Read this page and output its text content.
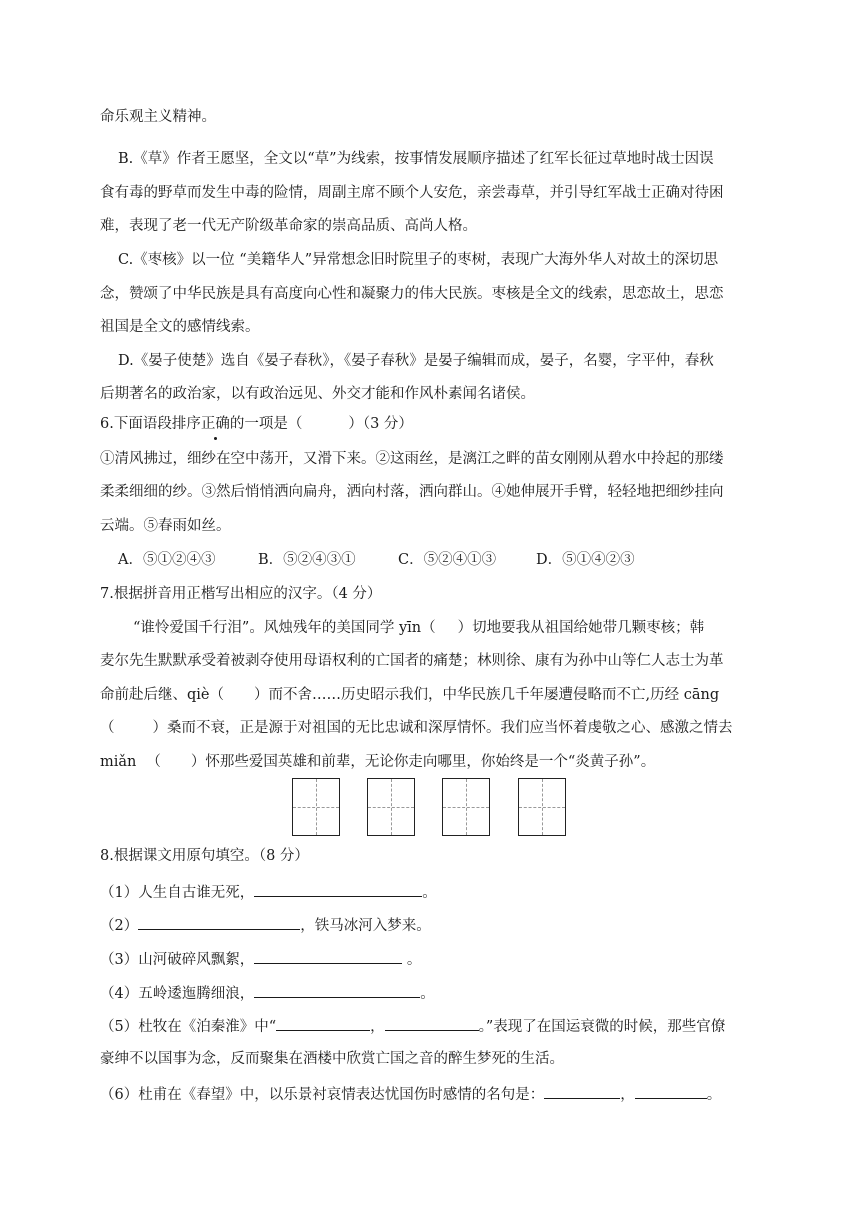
命乐观主义精神。
B.《草》作者王愿坚，全文以“草”为线索，按事情发展顺序描述了红军长征过草地时战士因误
食有毒的野草而发生中毒的险情，周副主席不顾个人安危，亲尝毒草，并引导红军战士正确对待困
难，表现了老一代无产阶级革命家的崇高品质、高尚人格。
C.《枣核》以一位 “美籍华人”异常想念旧时院里子的枣树，表现广大海外华人对故土的深切思
念，赞颂了中华民族是具有高度向心性和凝聚力的伟大民族。枣核是全文的线索，思恋故土，思恋
祖国是全文的感情线索。
D.《晏子使楚》选自《晏子春秋》，《晏子春秋》是晏子编辑而成，晏子，名婴，字平仲，春秋
后期著名的政治家，以有政治远见、外交才能和作风朴素闻名诸侯。
6.下面语段排序正确的一项是（	）（3 分）
①清风拂过，细纱在空中荡开，又滑下来。②这雨丝，是漓江之畔的苗女刚刚从碧水中拎起的那缕
柔柔细细的纱。③然后悄悄洒向扁舟，洒向村落，洒向群山。④她伸展开手臂，轻轻地把细纱挂向
云端。⑤春雨如丝。
A．⑤①②④③	B．⑤②④③①	C．⑤②④①③	D．⑤①④②③
7.根据拼音用正楷写出相应的汉字。（4 分）
“谁怜爱国千行泪”。风烛残年的美国同学 yīn（ ）切地要我从祖国给她带几颗枣核；韩
麦尔先生默默承受着被剥夺使用母语权利的亡国者的痛楚；林则徐、康有为孙中山等仁人志士为革
命前赴后继、qiè（ ）而不舍……历史昭示我们，中华民族几千年屡遭侵略而不亡,历经 cāng
（	）桑而不衰，正是源于对祖国的无比忠诚和深厚情怀。我们应当怀着虔敬之心、感激之情去
miǎn （ ）怀那些爱国英雄和前辈，无论你走向哪里，你始终是一个“炎黄子孙”。
8.根据课文用原句填空。（8 分）
（1）人生自古谁无死，	。
（2）	，铁马冰河入梦来。
（3）山河破碎风飘絮，	。
（4）五岭逶迤腾细浪，	。
（5）杜牧在《泊秦淮》中“	，	。”表现了在国运衰微的时候，那些官僚
豪绅不以国事为念，反而聚集在酒楼中欣赏亡国之音的醉生梦死的生活。
（6）杜甫在《春望》中，以乐景衬哀情表达忧国伤时感情的名句是：	，	。
